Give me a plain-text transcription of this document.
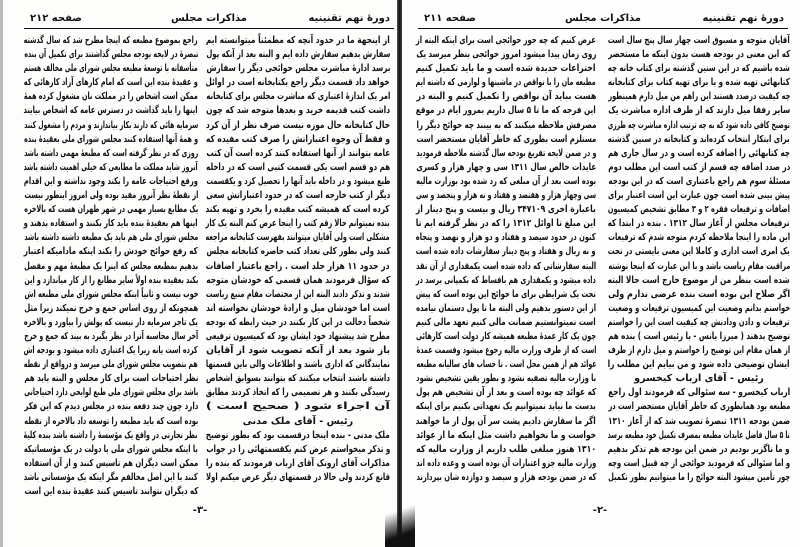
دورهٔ نهم تقنینیه
مذاکرات مجلس
صفحه ۲۱۲
از اینجهة ما در حدود آنچه که مطمئناً میتوانسته ایم
سفارش بدهیم سفارش داده ایم و البته بعد از آنکه پول
برسد ادارهٔ مباشرت مجلس حوائجی دیگر را سفارش
خواهد داد قسمت دیگر راجع بکتابخانه است در اوائل
امر یک اندازهٔ اعتباری که مباشرت مجلس برای کتابخانه
داشت کتب قدیمه خرید و بعدها متوجه شد که چون
حال کتابخانه حال موزه نیست صرف نظر از آن کرد
و فقط آن وجوه اعتباراتش را صرف کتب مفیده که
عامه بتوانند از آنها استفاده کنند کرده است آن کتب
هم دو قسم است یکی قسمت کتبی است که در داخله
طبع میشود و در داخله باید آنها را تحصیل کرد و یکقسمت
دیگر از کتب خارجه است که در حدود اعتباراتش سعی
کرده است که همیشه کتب مفیده را بخرد و تهیه بکند
بنده نمیتوانم حالا رقم کتب را اینجا عرض کنم البته یک کار
مشکلی است ولی آقایان میتوانند بفهرست کتابخانه مراجعه
کنند ولی بطور کلی تعداد کتب حاضره کتابخانه مجلس
در حدود ۱۱ هزار جلد است . راجع باعتبار اضافات
که سؤال فرمودند همان قسمی که خودشان متوجه
شدند و تذکر دادند البته این از مختصات مقام منیع ریاست
است اما خودشان میل و ارادهٔ خودشان نخواسته اند
شخصاً دخالت در این کار بکنند در حیث رابطه که بودجه
مطرح شد پیشنهاد خود ایشان بود که کمیسیون ترفیعی
باز شود بعد از آنکه تصویب شود از آقایان
نمایندگانی که اداری باشند و اطلاعات والی باین قسمتها
داشته باشند انتخاب میکنند که بتوانند بسوابق اشخاص
رسیدگی بکنند و هر تصمیمی را که اتخاذ کردند مطابق
آن اجراء شود ( صحیح است )
رئیس - آقای ملک مدنی
ملک مدنی - بنده اینجا درقسمت بود که بطور توضیح
و تذکر میخواستم عرض کنم یکقسمتهائی را در جواب
مذاکرات آقای ارونک آقای ارباب فرمودند که بنده را
قانع کردند ولی حالا در قسمتهای دیگر عرض میکنم اولا
راجع بموضوع مطبعه که اینجا مطرح شد که سال گذشته
تبصرهٔ در لایحه بودجه مجلس گذاشتند برای تکمیل آن بنده
متأسفانه با توسعهٔ مطبعه مجلس شورای ملی مخالف هستم
و عقیدهٔ بنده این است که امام کارهای آزاد کارهائی که
ممکن است اشخاص را در مملکت نان مشغول کرده همهٔ
اینها را باید گذاشت در دسترس عامه که اشخاص بیایند
سرمایه هائی که دارند بکار بیاندازند و مردم را مشغول کنند
و همهٔ آنها استفاده کنند مجلس شورای ملی بعقیدهٔ بنده
روزی که در نظر گرفته است که مطبعهٔ مهمی داشته باشد
آنروز شاید مملکت ما مطابعی که خیلی اهمیت داشته باشد
ورفع احتیاجات عامه را بکند وجود نداشته و این اقدام
از نقطهٔ نظر آنروز مفید بوده ولی امروز اینطور نیست
یک مطابع بسیار مهمی در شهر طهران هست که بالاخره
اینها هم بعقیدهٔ بنده باید کار بکنند و استفاده بدهند و
مجلس شورای ملی هم باید یک مطبعه داشته داشته باشد
که رفع حوائج خودش را بکند اینکه مادامیکه اعتبار
بدهیم بمطبعه مجلس که اینرا یک مطبعهٔ مهم و مفصل
بکند بعقیده بنده اولاً سایر مطابع را از کار میاندازد و این
خوب نیست و ثانیاً اینکه مجلس شورای ملی مطبعه اش
همچونکه از روی اساس جمع و خرج نمیکند زیرا مثل
یک تاجر سرمایه دار نیست که پولش را بیاورد و بالاخره
آخر سال محاسبه آنرا در نظر بگیرد به بیند که جمع و خرج
کرده است یانه زیرا یک اعتباری داده میشود و بودجه اش
هم بتصویب مجلس شورای ملی میرسد و درواقع از نقطه
نظر احتیاجات است برای کار مجلس و البته باید هم
باشد برای مجلس شورای ملی طبع لوایحی دارد احتیاجاتی
دارد چون چند دفعه بنده در مجلس دیدم که این فکر
بوده است که باید مطبعه را توسعه داد بالاخره از نقطه
نظر تجارتی در واقع یک مؤسسهٔ را داشته باشد بنده کلیهٔ
با اینکه مجلس شورای ملی یا دولت در یک مؤسساتیکه
ممکن است دیگران هم تاسیس کنند و از آن استفاده
کنند با این اصل مخالفم مگر اینکه یک مؤسساتی باشد
که دیگران نتوانند تاسیس کنند عقیدهٔ بنده این است
-۳-
دورهٔ نهم تقنینیه
مذاکرات مجلس
صفحه ۲۱۱
آقایان متوجه و مسبوق است چهار سال پنج سال است
که این معنی در بودجه هست بدون اینکه ما مستحضر
شده باشیم که در این سنین گذشته برای کتاب خانه چه
کتابهائی تهیه شده و یا برای تهیه کتاب برای کتابخانه
چه کیفیت درصدد هستند این راهم من میل دارم همینطور
سایر رفقا میل دارند که از طرف اداره مباشرت یک
توضیح کافی داده شود که به چه ترتیب اداره مباشرت چه طرزی
برای ابتکار انتخاب کرده‌اند و کتابخانه در سنین گذشته
چه کتابهائی را اضافه کرده است و در سال جاری هم
در صدد اضافه چه قسم از کتب است این مطلب دوم
مسئلهٔ سوم هم راجع باعتباری است که در این بودجه
پیش بینی شده است چون عبارت این است اعتبار برای
اضافات و ترفیعات فقره ۲ و ۳ مطابق تشخیص کمیسیون
ترفیعات مجلس از آغاز سال ۱۳۱۲ . بنده در ابتدا که
این ماده را اینجا ملاحظه کردم متوجه شدم که ترفیعات
یک امری است اداری و کاملا این معنی بایستی در تحت
مراقبت مقام ریاست باشد و با این عبارت که اینجا نوشته
شده است بنظر من از موضوع خارج است حالا البته
اگر صلاح این بوده است بنده عرضی ندارم ولی
خواستم بدانم وضعیت این کمیسیون ترفیعات و وضعیت
ترفیعات و دادن ودادنش چه کیفیت است این را خواستم
توضیح بدهند ( میرزا یانس - با رئیس است ) بنده هم
از همان مقام این توضیح را خواستم و میل دارم از طرف
ایشان توضیحی داده شود و من بیایم این مطلب را
رئیس - آقای ارباب کیخسرو
ارباب کیخسرو - سه سئوالی که فرمودند اول راجع
مطبعه بود همانطوری که خاطر آقایان مستحضر است در
ضمن بودجه ۱۳۱۱ تبصرهٔ تصویب شد که از آغاز ۱۳۱۰
تا ۵ سال فاضل عایدات مطبعه بمصرف تکمیل خود مطبعه برسد
و ما ناگزیر بودیم در ضمن این بودجه هم تذکر بدهیم
و اما سئوالی که فرمودید حوائجی از چه قبیل است وچه
چور تأمین میشود البته حوائج را ما میتوانیم بطور تکمیل
عرض کنیم که چه جور حوائجی است برای اینکه البته از
روی زمان پیدا میشود امروز حوائجی بنظر میرسد یک
اختراعات جدیدة شده است و ما باید تکمیل کنیم
مطبعه مان را با نواقص در ماشینها و لوازمی که داشته ایم
هست بباید آن نواقص را تکمیل کنیم و البته در
این فرجه که ما تا ۵ سال داریم بمرور ایام در موقع
مصرفش ملاحظه میکنند که به بینند چه حوائج دیگر را
مستلزم است بطوری که خاطر آقایان مستحضر است
و در ضمن لایحه تفریغ بودجه سال گذشته ملاحظه فرمودید
عایدات خالص سال ۱۳۱۱ سی و چهار هزار و کسری
بوده است بعد از آن مبلغی که رد شده بود بوزارت مالیه
سی وچهار هزار و هفتصد و هفتاد و نه هزار و پنجصد و سی
باعبارة اخری ۳۴۷۱۰۹ ریال و بیست و پنج دینار از
این مبلغ تا اوائل ۱۳۱۲ را که در نظر گرفته ایم تا
کنون در حدود سیصد و هفتاد و دو هزار و نهصد و پنجاه
و نه ریال و هفتاد و پنج دینار سفارشات داده شده است
البته سفارشاتی که داده شده است یکمقداری از آن نقد
داده میشود و یکمقداری هم باقساط که بکمپانی برسد در
تحت یک شرایطی برای ما حوائج این بوده است که پیش
از این دستور بدهیم ولی البته ما تا پول دستمان نیامده
است نمیتوانستیم ضمانت مالی کنیم تعهد مالی کنیم
چون یک کار عمدهٔ مطبعه همیشه کار دولت است کارهائی
است که از طرف وزارت مالیه رجوع میشود وقسمت عمدهٔ
عوائد هم از همین محل است . تا حساب های سالیانه مطبعه
با وزارت مالیه تصفیه نشود و بطور یقین تشخیص نشود
که عوائد چه بوده است و بعد از آن تشخیص هم پول
بدست ما نیاید نمیتوانیم یک تعهداتی بکنیم برای اینکه
اگر ما سفارش دادیم پشت سر آن پول از ما خواهند
خواست و ما نخواهیم داشت مثل اینکه ما از عوائد
۱۳۱۰ هنوز مبلغی طلب داریم از وزارت مالیه که
وزارت مالیه جزو اعتبارات آن بوده است و وعده داده اند
که در ضمن بودجه هزار و سیصد و دوازده شان بپردازند
-۲-
